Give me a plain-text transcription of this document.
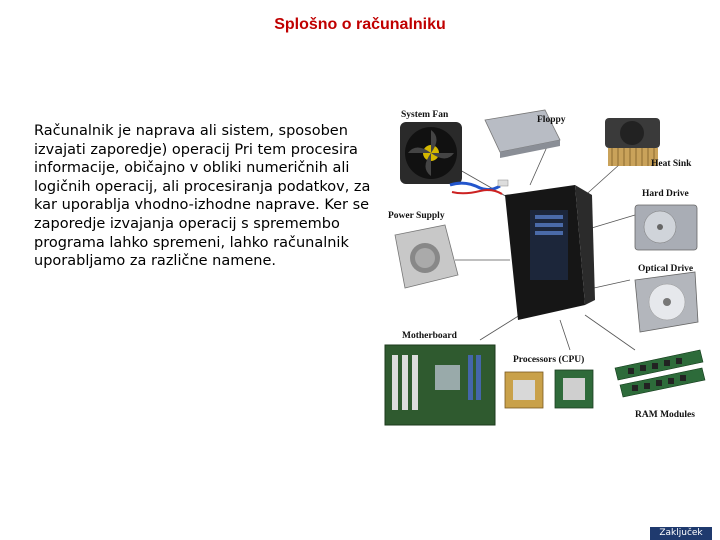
Splošno o računalniku
Računalnik je naprava ali sistem, sposoben izvajati zaporedje) operacij Pri tem procesira informacije, običajno v obliki numeričnih ali logičnih operacij, ali procesiranja podatkov, za kar uporablja vhodno-izhodne naprave. Ker se zaporedje izvajanja operacij s spremembo programa lahko spremeni, lahko računalnik uporabljamo za različne namene.
System Fan	Floppy
Heat Sink
Hard Drive
Power Supply
Optical Drive
Motherboard
Processors (CPU)
RAM Modules
Zaključek
